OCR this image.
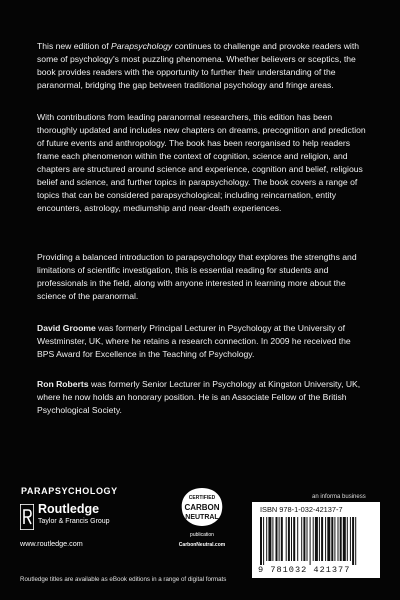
This new edition of Parapsychology continues to challenge and provoke readers with some of psychology's most puzzling phenomena. Whether believers or sceptics, the book provides readers with the opportunity to further their understanding of the paranormal, bridging the gap between traditional psychology and fringe areas.

With contributions from leading paranormal researchers, this edition has been thoroughly updated and includes new chapters on dreams, precognition and prediction of future events and anthropology. The book has been reorganised to help readers frame each phenomenon within the context of cognition, science and religion, and chapters are structured around science and experience, cognition and belief, religious belief and science, and further topics in parapsychology. The book covers a range of topics that can be considered parapsychological; including reincarnation, entity encounters, astrology, mediumship and near-death experiences.

Providing a balanced introduction to parapsychology that explores the strengths and limitations of scientific investigation, this is essential reading for students and professionals in the field, along with anyone interested in learning more about the science of the paranormal.

David Groome was formerly Principal Lecturer in Psychology at the University of Westminster, UK, where he retains a research connection. In 2009 he received the BPS Award for Excellence in the Teaching of Psychology.

Ron Roberts was formerly Senior Lecturer in Psychology at Kingston University, UK, where he now holds an honorary position. He is an Associate Fellow of the British Psychological Society.

PARAPSYCHOLOGY
Routledge
Taylor & Francis Group
www.routledge.com
CERTIFIED
CARBON
NEUTRAL
publication
CarbonNeutral.com
an informa business
ISBN 978-1-032-42137-7
9 781032 421377
Routledge titles are available as eBook editions in a range of digital formats
